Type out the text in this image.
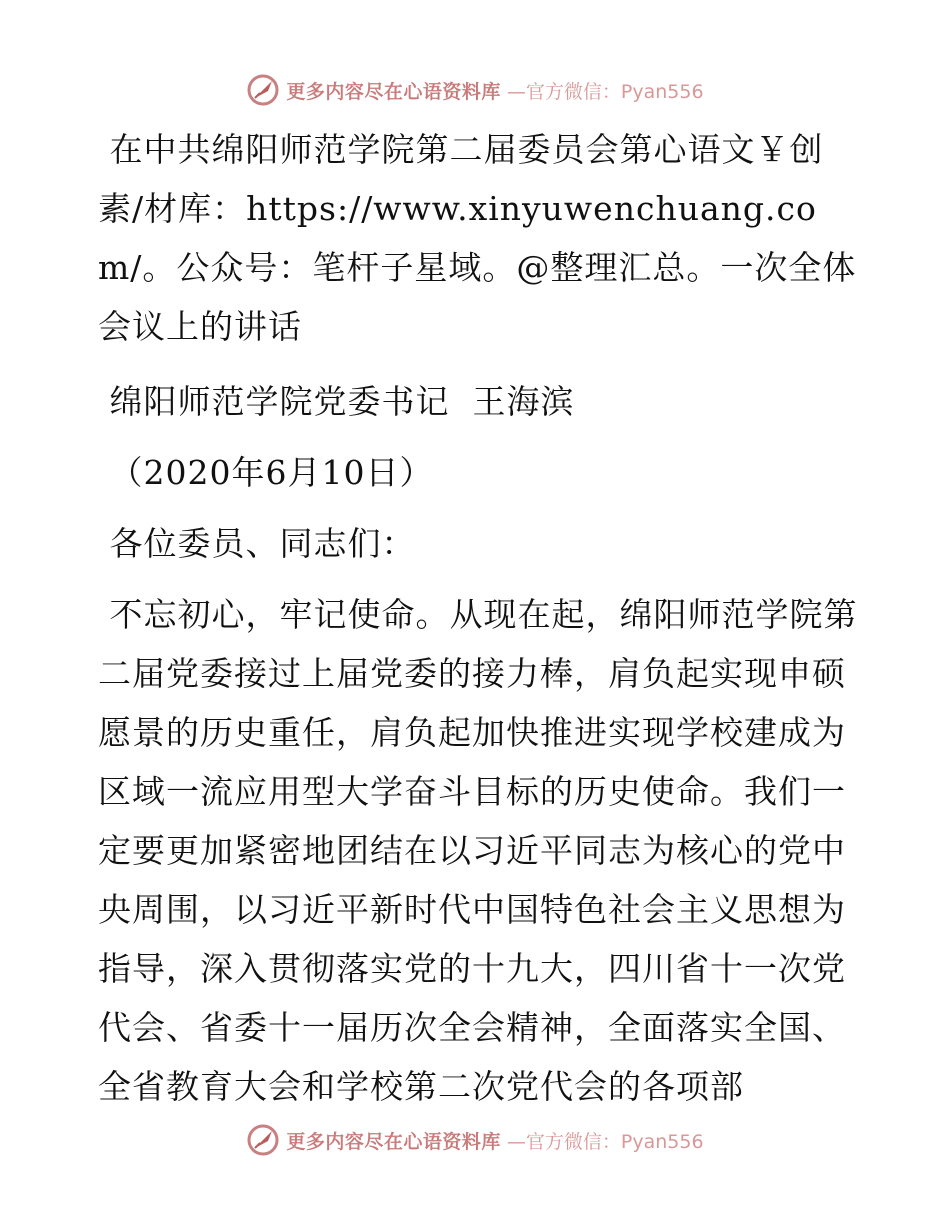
更多内容尽在心语资料库 —官方微信：Pyan556

在中共绵阳师范学院第二届委员会第心语文￥创素/材库：https://www.xinyuwenchuang.com/。公众号：笔杆子星域。@整理汇总。一次全体会议上的讲话

绵阳师范学院党委书记  王海滨

（2020年6月10日）

各位委员、同志们：

不忘初心，牢记使命。从现在起，绵阳师范学院第二届党委接过上届党委的接力棒，肩负起实现申硕愿景的历史重任，肩负起加快推进实现学校建成为区域一流应用型大学奋斗目标的历史使命。我们一定要更加紧密地团结在以习近平同志为核心的党中央周围，以习近平新时代中国特色社会主义思想为指导，深入贯彻落实党的十九大，四川省十一次党代会、省委十一届历次全会精神，全面落实全国、全省教育大会和学校第二次党代会的各项部

更多内容尽在心语资料库 —官方微信：Pyan556
